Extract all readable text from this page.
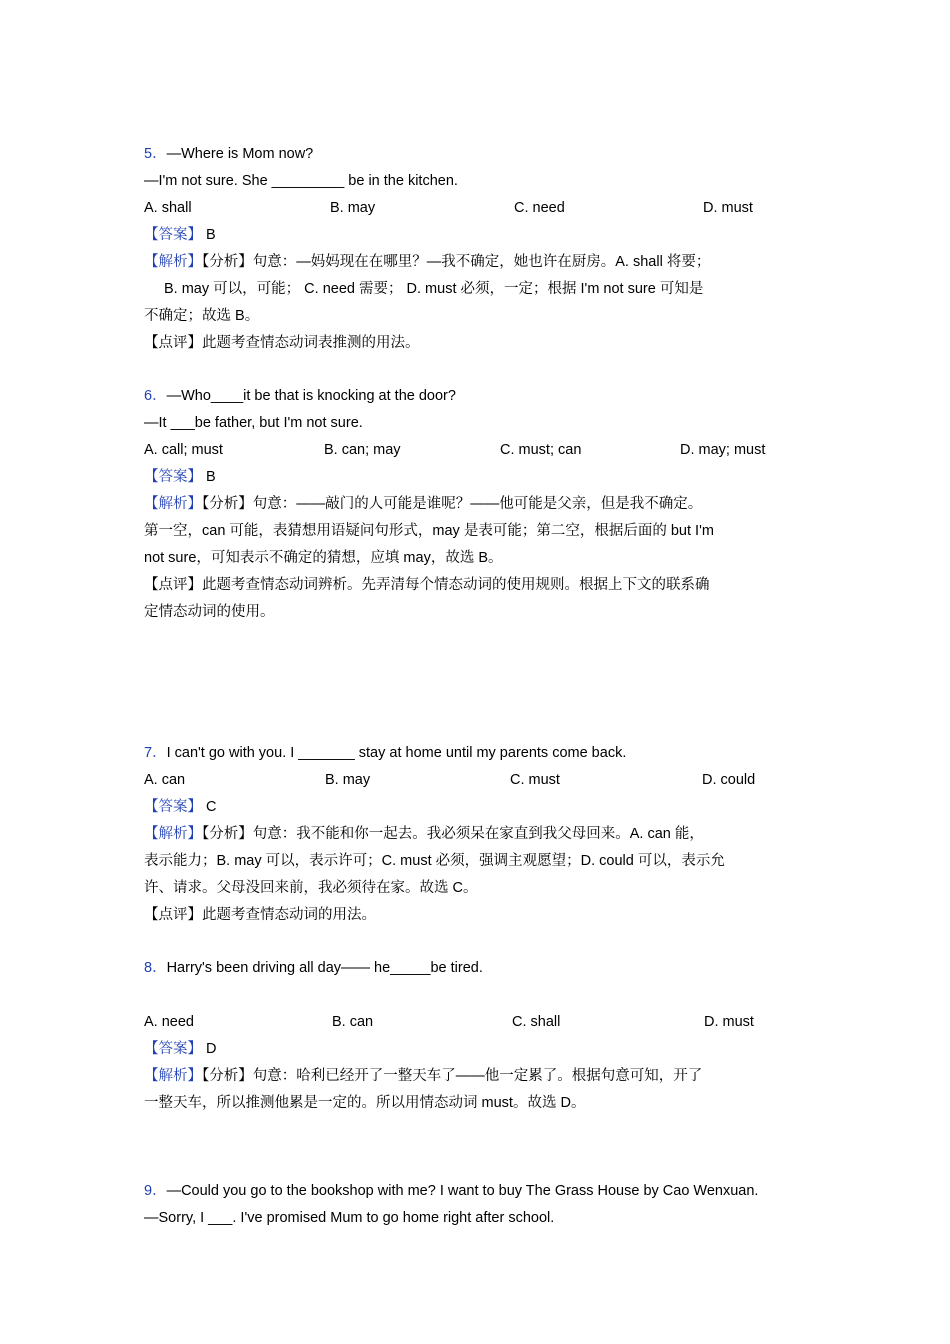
5．—Where is Mom now?
—I'm not sure. She _________ be in the kitchen.
A. shall	B. may	C. need	D. must
【答案】 B
【解析】【分析】句意：—妈妈现在在哪里？—我不确定，她也许在厨房。A. shall 将要；
B. may 可以，可能； C. need 需要； D. must 必须，一定；根据 I'm not sure 可知是
不确定；故选 B。
【点评】此题考查情态动词表推测的用法。
6．—Who____it be that is knocking at the door?
—It ___be father, but I'm not sure.
A. call; must	B. can; may	C. must; can	D. may; must
【答案】 B
【解析】【分析】句意：——敲门的人可能是谁呢？——他可能是父亲，但是我不确定。
第一空，can 可能，表猜想用语疑问句形式，may 是表可能；第二空，根据后面的 but I'm
not sure，可知表示不确定的猜想，应填 may，故选 B。
【点评】此题考查情态动词辨析。先弄清每个情态动词的使用规则。根据上下文的联系确
定情态动词的使用。
7．I can't go with you. I _______ stay at home until my parents come back.
A. can	B. may	C. must	D. could
【答案】 C
【解析】【分析】句意：我不能和你一起去。我必须呆在家直到我父母回来。A. can 能，
表示能力；B. may 可以，表示许可；C. must 必须，强调主观愿望；D. could 可以，表示允
许、请求。父母没回来前，我必须待在家。故选 C。
【点评】此题考查情态动词的用法。
8．Harry's been driving all day—— he_____be tired.
A. need	B. can	C. shall	D. must
【答案】 D
【解析】【分析】句意：哈利已经开了一整天车了——他一定累了。根据句意可知，开了
一整天车，所以推测他累是一定的。所以用情态动词 must。故选 D。
9．—Could you go to the bookshop with me? I want to buy The Grass House by Cao Wenxuan.
—Sorry, I ___. I've promised Mum to go home right after school.
